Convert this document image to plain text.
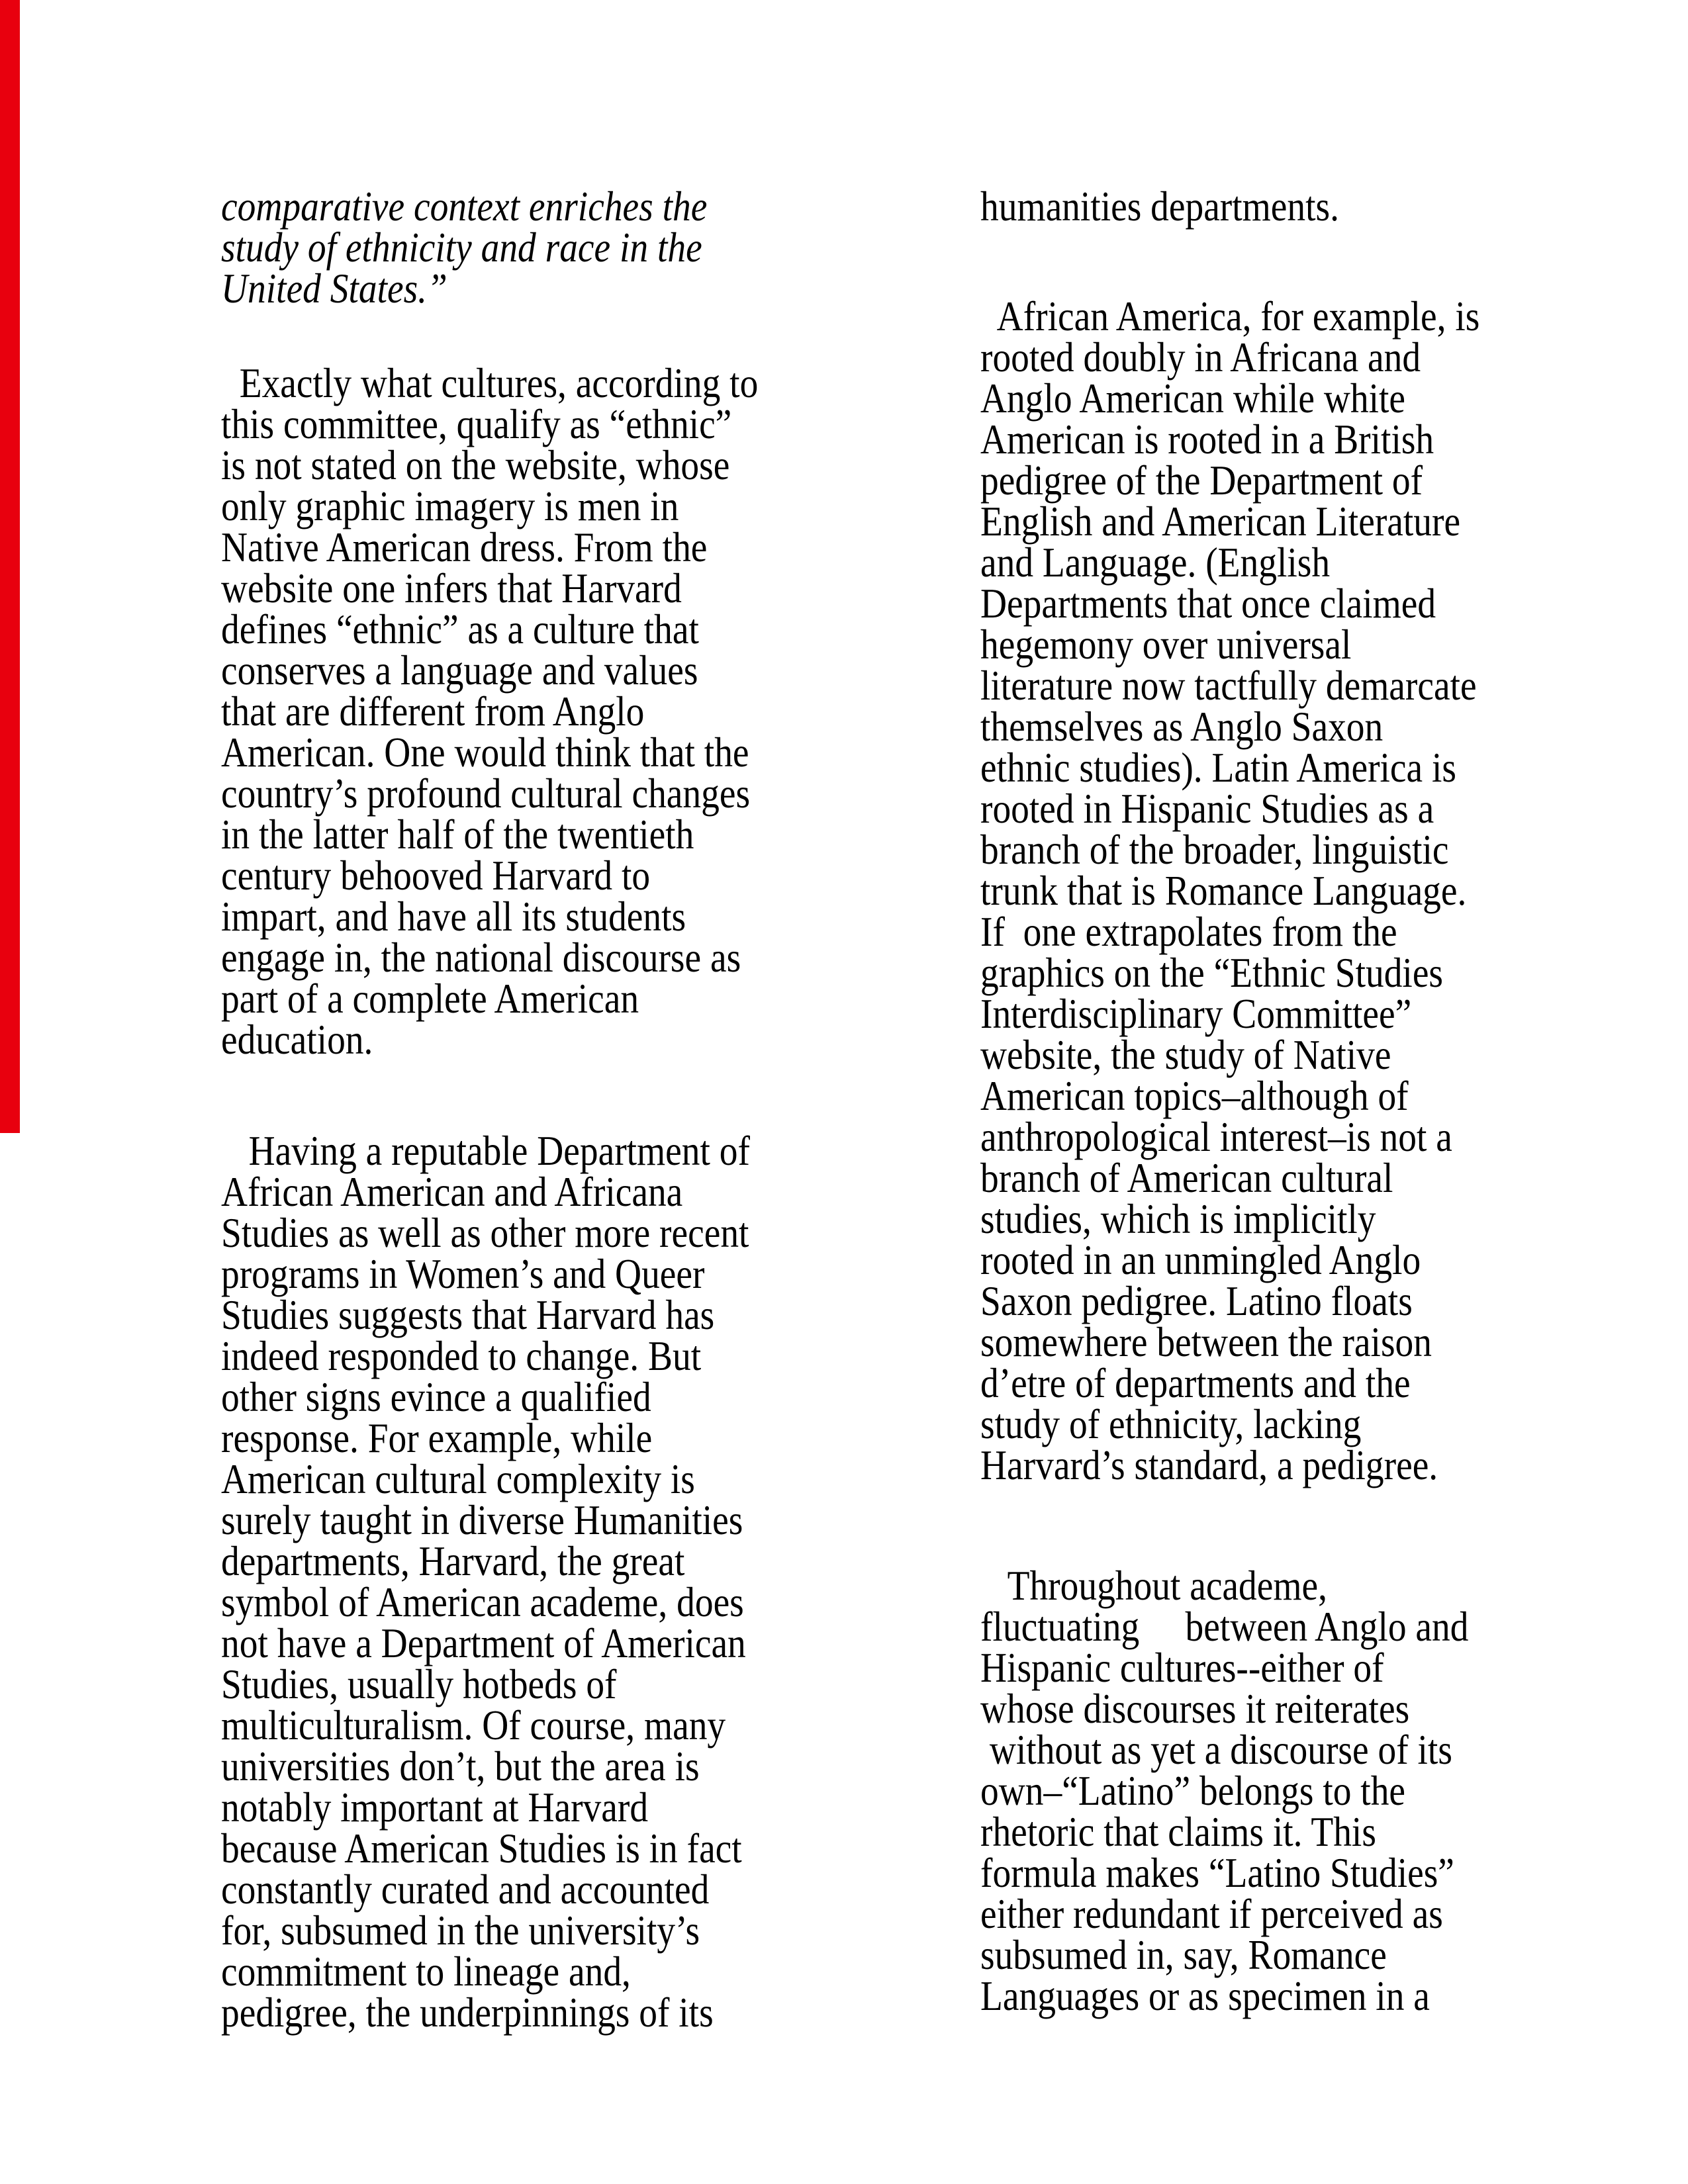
comparative context enriches the
study of ethnicity and race in the
United States.”
Exactly what cultures, according to
this committee, qualify as “ethnic”
is not stated on the website, whose
only graphic imagery is men in
Native American dress. From the
website one infers that Harvard
defines “ethnic” as a culture that
conserves a language and values
that are different from Anglo
American. One would think that the
country’s profound cultural changes
in the latter half of the twentieth
century behooved Harvard to
impart, and have all its students
engage in, the national discourse as
part of a complete American
education.
Having a reputable Department of
African American and Africana
Studies as well as other more recent
programs in Women’s and Queer
Studies suggests that Harvard has
indeed responded to change. But
other signs evince a qualified
response. For example, while
American cultural complexity is
surely taught in diverse Humanities
departments, Harvard, the great
symbol of American academe, does
not have a Department of American
Studies, usually hotbeds of
multiculturalism. Of course, many
universities don’t, but the area is
notably important at Harvard
because American Studies is in fact
constantly curated and accounted
for, subsumed in the university’s
commitment to lineage and,
pedigree, the underpinnings of its
humanities departments.
African America, for example, is
rooted doubly in Africana and
Anglo American while white
American is rooted in a British
pedigree of the Department of
English and American Literature
and Language. (English
Departments that once claimed
hegemony over universal
literature now tactfully demarcate
themselves as Anglo Saxon
ethnic studies). Latin America is
rooted in Hispanic Studies as a
branch of the broader, linguistic
trunk that is Romance Language.
If  one extrapolates from the
graphics on the “Ethnic Studies
Interdisciplinary Committee”
website, the study of Native
American topics–although of
anthropological interest–is not a
branch of American cultural
studies, which is implicitly
rooted in an unmingled Anglo
Saxon pedigree. Latino floats
somewhere between the raison
d’etre of departments and the
study of ethnicity, lacking
Harvard’s standard, a pedigree.
Throughout academe,
fluctuating     between Anglo and
Hispanic cultures--either of
whose discourses it reiterates
without as yet a discourse of its
own–“Latino” belongs to the
rhetoric that claims it. This
formula makes “Latino Studies”
either redundant if perceived as
subsumed in, say, Romance
Languages or as specimen in a
